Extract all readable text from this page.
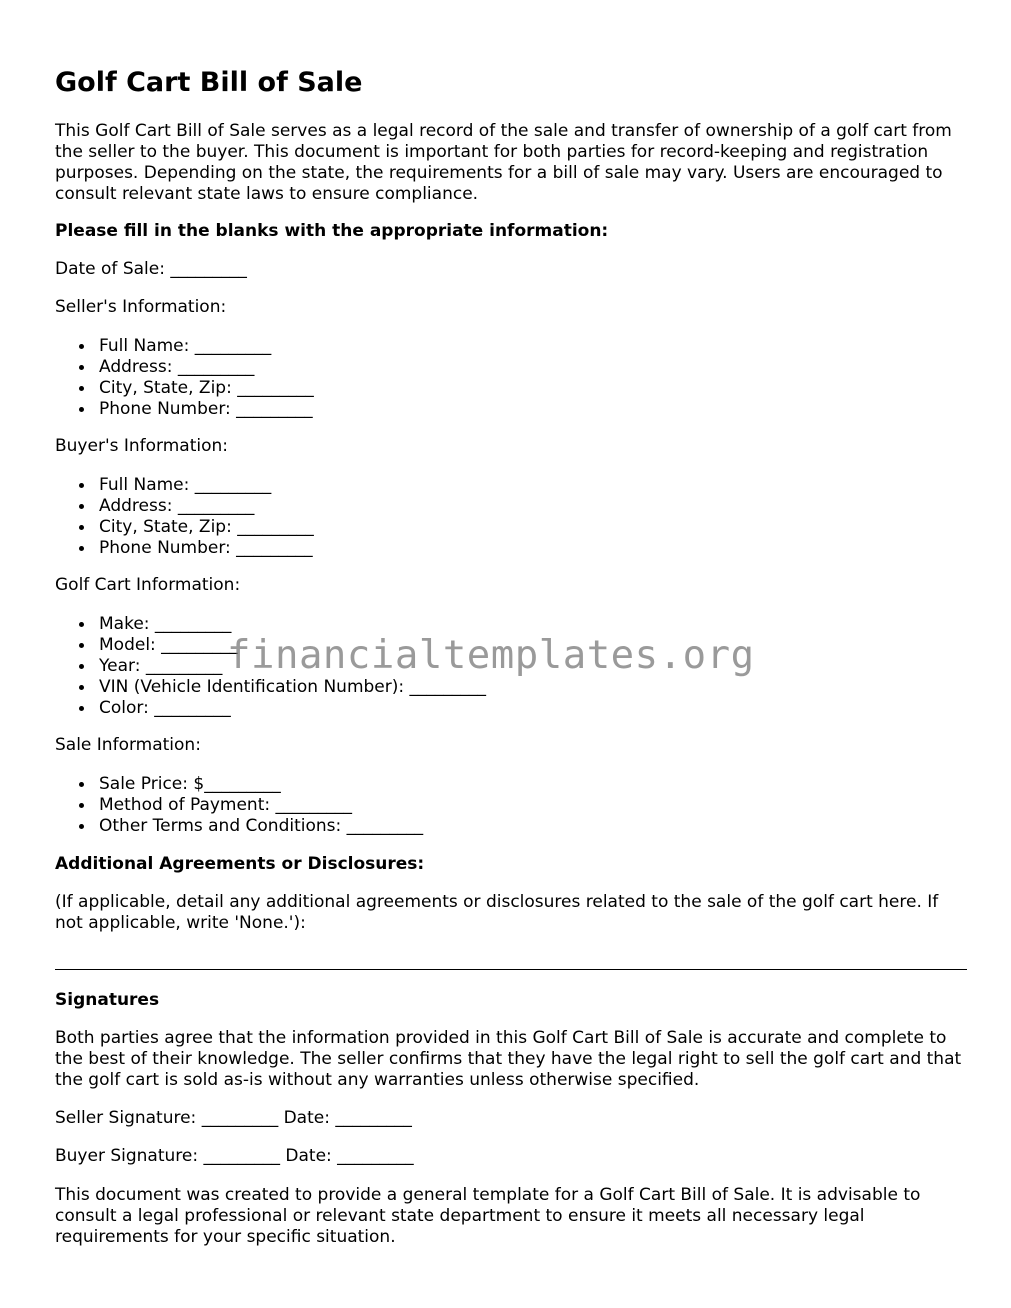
Golf Cart Bill of Sale

This Golf Cart Bill of Sale serves as a legal record of the sale and transfer of ownership of a golf cart from the seller to the buyer. This document is important for both parties for record-keeping and registration purposes. Depending on the state, the requirements for a bill of sale may vary. Users are encouraged to consult relevant state laws to ensure compliance.

Please fill in the blanks with the appropriate information:

Date of Sale: _________

Seller's Information:

Full Name: _________
Address: _________
City, State, Zip: _________
Phone Number: _________

Buyer's Information:

Full Name: _________
Address: _________
City, State, Zip: _________
Phone Number: _________

Golf Cart Information:

Make: _________
Model: _________
Year: _________
VIN (Vehicle Identification Number): _________
Color: _________

Sale Information:

Sale Price: $_________
Method of Payment: _________
Other Terms and Conditions: _________

Additional Agreements or Disclosures:

(If applicable, detail any additional agreements or disclosures related to the sale of the golf cart here. If not applicable, write 'None.'):

Signatures

Both parties agree that the information provided in this Golf Cart Bill of Sale is accurate and complete to the best of their knowledge. The seller confirms that they have the legal right to sell the golf cart and that the golf cart is sold as-is without any warranties unless otherwise specified.

Seller Signature: _________ Date: _________

Buyer Signature: _________ Date: _________

This document was created to provide a general template for a Golf Cart Bill of Sale. It is advisable to consult a legal professional or relevant state department to ensure it meets all necessary legal requirements for your specific situation.

financialtemplates.org
